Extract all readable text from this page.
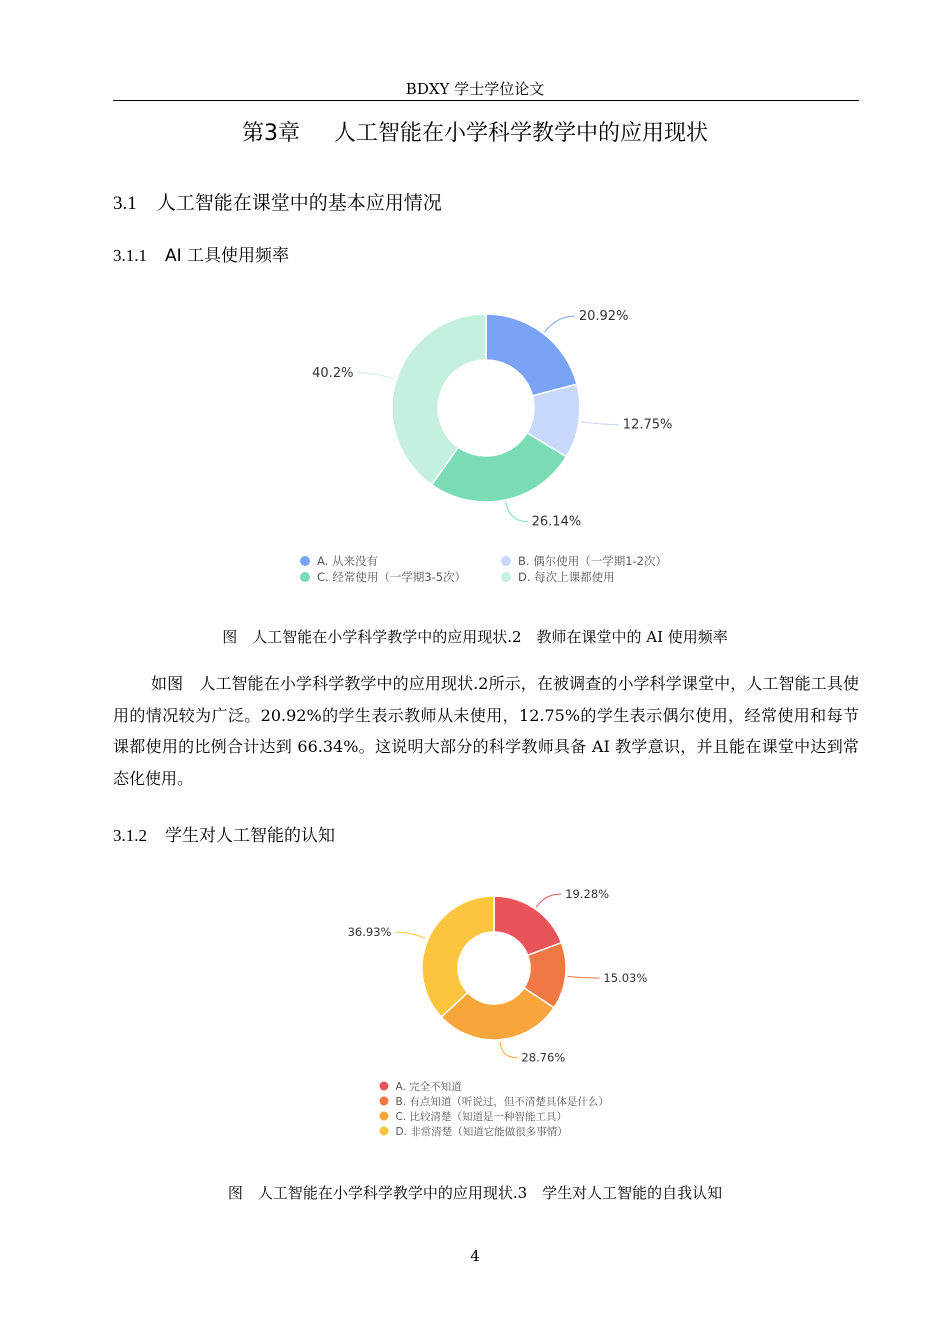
BDXY 学士学位论文
第3章 人工智能在小学科学教学中的应用现状
3.1 人工智能在课堂中的基本应用情况
3.1.1 AI 工具使用频率
20.92%
12.75%
26.14%
40.2%
A. 从来没有	B. 偶尔使用（一学期1-2次）
C. 经常使用（一学期3-5次）	D. 每次上课都使用
图　人工智能在小学科学教学中的应用现状.2　教师在课堂中的 AI 使用频率
如图　人工智能在小学科学教学中的应用现状.2所示，在被调查的小学科学课堂中，人工智能工具使用的情况较为广泛。20.92%的学生表示教师从未使用，12.75%的学生表示偶尔使用，经常使用和每节课都使用的比例合计达到 66.34%。这说明大部分的科学教师具备 AI 教学意识，并且能在课堂中达到常态化使用。
3.1.2 学生对人工智能的认知
19.28%
15.03%
28.76%
36.93%
A. 完全不知道
B. 有点知道（听说过，但不清楚具体是什么）
C. 比较清楚（知道是一种智能工具）
D. 非常清楚（知道它能做很多事情）
图　人工智能在小学科学教学中的应用现状.3　学生对人工智能的自我认知
4
